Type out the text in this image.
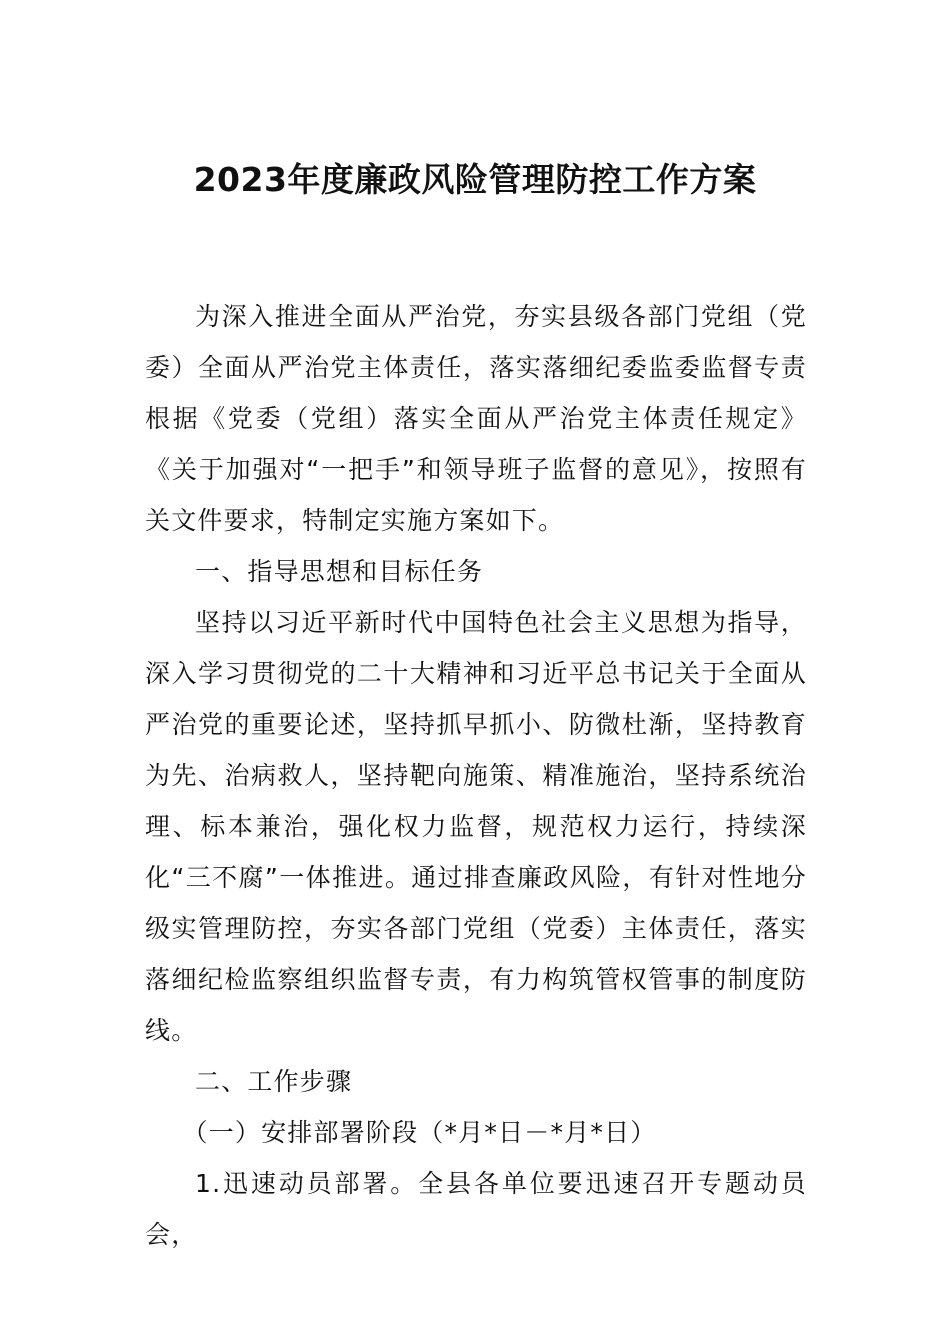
2023年度廉政风险管理防控工作方案

为深入推进全面从严治党，夯实县级各部门党组（党委）全面从严治党主体责任，落实落细纪委监委监督专责根据《党委（党组）落实全面从严治党主体责任规定》《关于加强对“一把手”和领导班子监督的意见》，按照有关文件要求，特制定实施方案如下。

一、指导思想和目标任务

坚持以习近平新时代中国特色社会主义思想为指导，深入学习贯彻党的二十大精神和习近平总书记关于全面从严治党的重要论述，坚持抓早抓小、防微杜渐，坚持教育为先、治病救人，坚持靶向施策、精准施治，坚持系统治理、标本兼治，强化权力监督，规范权力运行，持续深化“三不腐”一体推进。通过排查廉政风险，有针对性地分级实管理防控，夯实各部门党组（党委）主体责任，落实落细纪检监察组织监督专责，有力构筑管权管事的制度防线。

二、工作步骤

（一）安排部署阶段（*月*日－*月*日）

1.迅速动员部署。全县各单位要迅速召开专题动员会，
